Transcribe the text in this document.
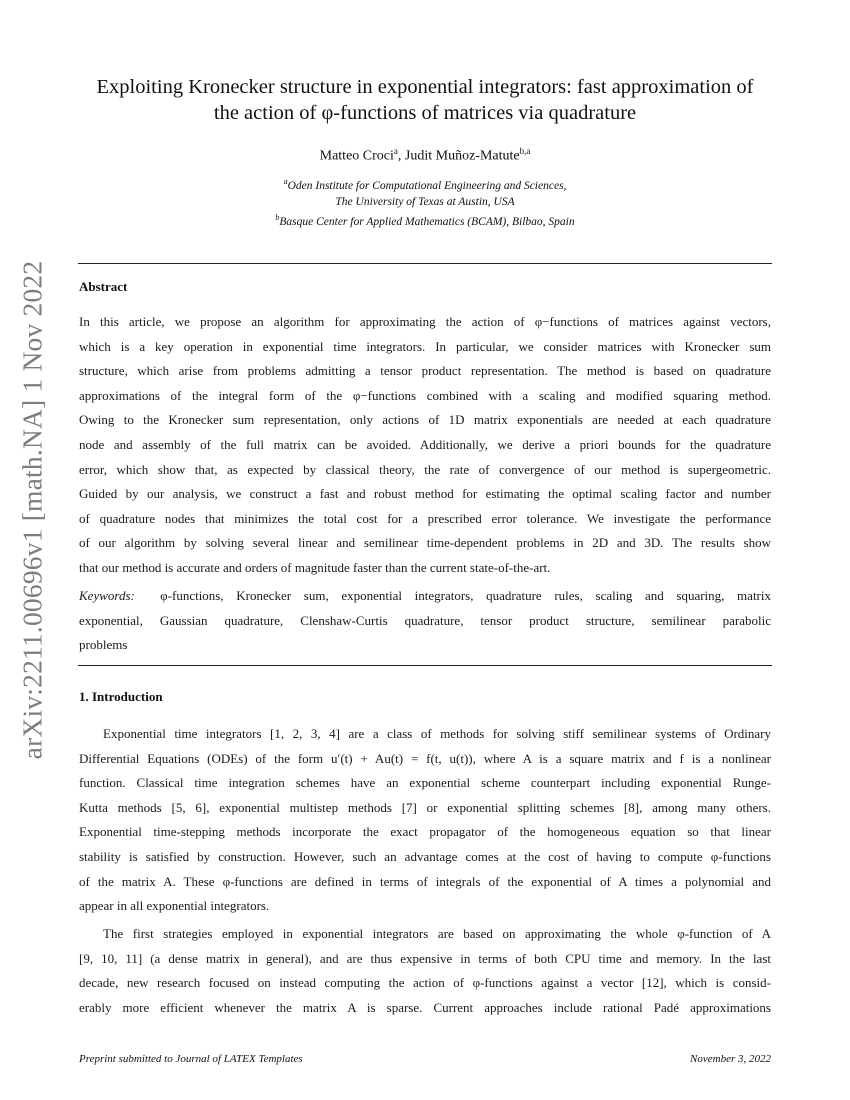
arXiv:2211.00696v1 [math.NA] 1 Nov 2022
Exploiting Kronecker structure in exponential integrators: fast approximation of
the action of φ-functions of matrices via quadrature
Matteo Croci$^a$, Judit Muñoz-Matute$^{b,a}$
$^a$Oden Institute for Computational Engineering and Sciences,
The University of Texas at Austin, USA
$^b$Basque Center for Applied Mathematics (BCAM), Bilbao, Spain
Abstract
In this article, we propose an algorithm for approximating the action of φ−functions of matrices against vectors,
which is a key operation in exponential time integrators. In particular, we consider matrices with Kronecker sum
structure, which arise from problems admitting a tensor product representation. The method is based on quadrature
approximations of the integral form of the φ−functions combined with a scaling and modified squaring method.
Owing to the Kronecker sum representation, only actions of 1D matrix exponentials are needed at each quadrature
node and assembly of the full matrix can be avoided. Additionally, we derive a priori bounds for the quadrature
error, which show that, as expected by classical theory, the rate of convergence of our method is supergeometric.
Guided by our analysis, we construct a fast and robust method for estimating the optimal scaling factor and number
of quadrature nodes that minimizes the total cost for a prescribed error tolerance. We investigate the performance
of our algorithm by solving several linear and semilinear time-dependent problems in 2D and 3D. The results show
that our method is accurate and orders of magnitude faster than the current state-of-the-art.
Keywords: φ-functions, Kronecker sum, exponential integrators, quadrature rules, scaling and squaring, matrix
exponential, Gaussian quadrature, Clenshaw-Curtis quadrature, tensor product structure, semilinear parabolic
problems
1. Introduction
Exponential time integrators [1, 2, 3, 4] are a class of methods for solving stiff semilinear systems of Ordinary
Differential Equations (ODEs) of the form u′(t) + Au(t) = f(t, u(t)), where A is a square matrix and f is a nonlinear
function. Classical time integration schemes have an exponential scheme counterpart including exponential Runge-
Kutta methods [5, 6], exponential multistep methods [7] or exponential splitting schemes [8], among many others.
Exponential time-stepping methods incorporate the exact propagator of the homogeneous equation so that linear
stability is satisfied by construction. However, such an advantage comes at the cost of having to compute φ-functions
of the matrix A. These φ-functions are defined in terms of integrals of the exponential of A times a polynomial and
appear in all exponential integrators.
The first strategies employed in exponential integrators are based on approximating the whole φ-function of A
[9, 10, 11] (a dense matrix in general), and are thus expensive in terms of both CPU time and memory. In the last
decade, new research focused on instead computing the action of φ-functions against a vector [12], which is consid-
erably more efficient whenever the matrix A is sparse. Current approaches include rational Padé approximations
Preprint submitted to Journal of LATEX Templates	November 3, 2022
